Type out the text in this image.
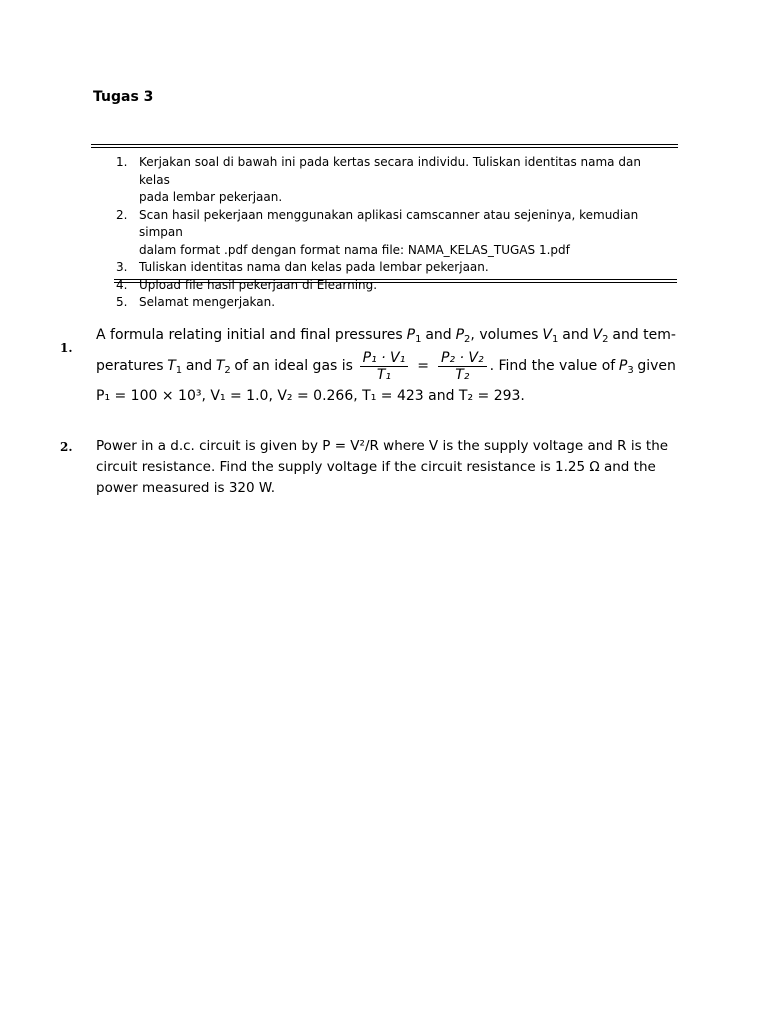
Tugas 3
1. Kerjakan soal di bawah ini pada kertas secara individu. Tuliskan identitas nama dan kelas
pada lembar pekerjaan.
2. Scan hasil pekerjaan menggunakan aplikasi camscanner atau sejeninya, kemudian simpan
dalam format .pdf dengan format nama file: NAMA_KELAS_TUGAS 1.pdf
3. Tuliskan identitas nama dan kelas pada lembar pekerjaan.
4. Upload file hasil pekerjaan di Elearning.
5. Selamat mengerjakan.
1.
A formula relating initial and final pressures $P_1$ and $P_2$, volumes $V_1$ and $V_2$ and tem-
peratures $T_1$ and $T_2$ of an ideal gas is $\frac{\text{P₁ · V₁}}{\text{T₁}} = \frac{\text{P₂ · V₂}}{\text{T₂}}$ . Find the value of $P_3$ given
P₁ = 100 × 10³, V₁ = 1.0, V₂ = 0.266, T₁ = 423 and T₂ = 293.
2. Power in a d.c. circuit is given by P = V²/R where V is the supply voltage and R is the circuit resistance. Find the supply voltage if the circuit resistance is 1.25 Ω and the power measured is 320 W.
